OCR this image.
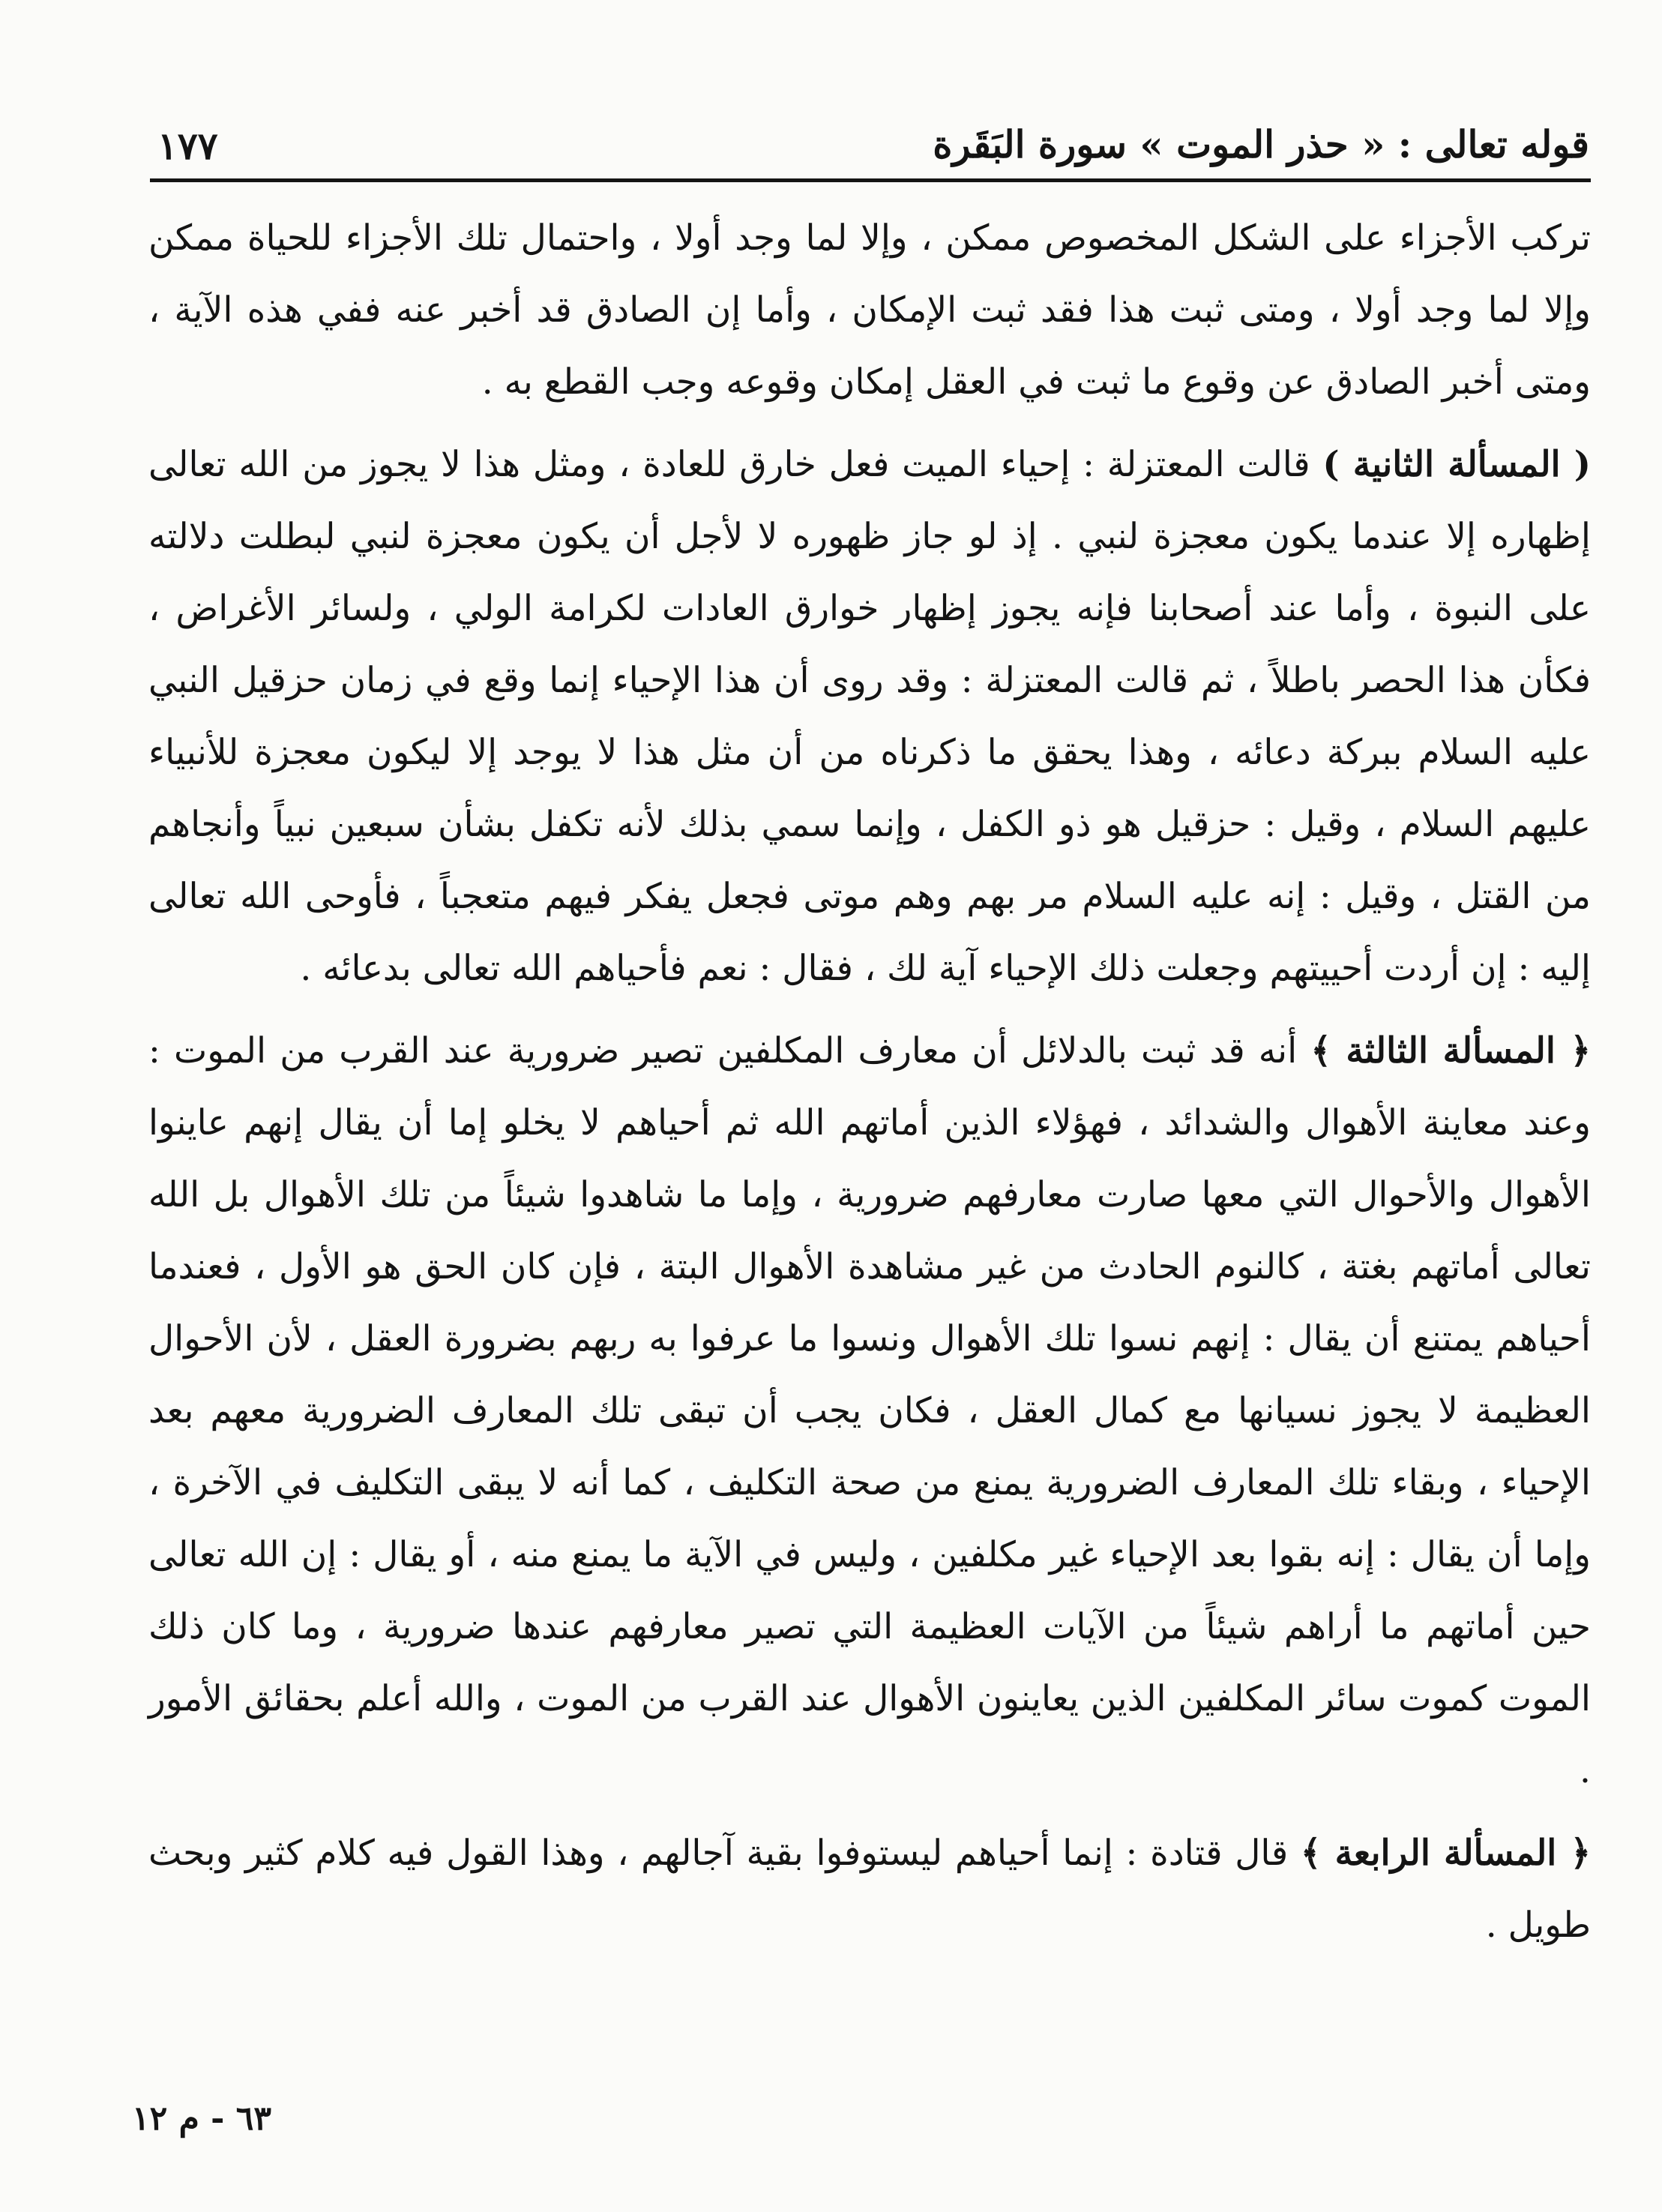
قوله تعالى : « حذر الموت » سورة البَقَرة
١٧٧

تركب الأجزاء على الشكل المخصوص ممكن ، وإلا لما وجد أولا ، واحتمال تلك الأجزاء للحياة ممكن وإلا لما وجد أولا ، ومتى ثبت هذا فقد ثبت الإمكان ، وأما إن الصادق قد أخبر عنه ففي هذه الآية ، ومتى أخبر الصادق عن وقوع ما ثبت في العقل إمكان وقوعه وجب القطع به .

( المسألة الثانية ) قالت المعتزلة : إحياء الميت فعل خارق للعادة ، ومثل هذا لا يجوز من الله تعالى إظهاره إلا عندما يكون معجزة لنبي . إذ لو جاز ظهوره لا لأجل أن يكون معجزة لنبي لبطلت دلالته على النبوة ، وأما عند أصحابنا فإنه يجوز إظهار خوارق العادات لكرامة الولي ، ولسائر الأغراض ، فكأن هذا الحصر باطلاً ، ثم قالت المعتزلة : وقد روى أن هذا الإحياء إنما وقع في زمان حزقيل النبي عليه السلام ببركة دعائه ، وهذا يحقق ما ذكرناه من أن مثل هذا لا يوجد إلا ليكون معجزة للأنبياء عليهم السلام ، وقيل : حزقيل هو ذو الكفل ، وإنما سمي بذلك لأنه تكفل بشأن سبعين نبياً وأنجاهم من القتل ، وقيل : إنه عليه السلام مر بهم وهم موتى فجعل يفكر فيهم متعجباً ، فأوحى الله تعالى إليه : إن أردت أحييتهم وجعلت ذلك الإحياء آية لك ، فقال : نعم فأحياهم الله تعالى بدعائه .

﴿ المسألة الثالثة ﴾ أنه قد ثبت بالدلائل أن معارف المكلفين تصير ضرورية عند القرب من الموت : وعند معاينة الأهوال والشدائد ، فهؤلاء الذين أماتهم الله ثم أحياهم لا يخلو إما أن يقال إنهم عاينوا الأهوال والأحوال التي معها صارت معارفهم ضرورية ، وإما ما شاهدوا شيئاً من تلك الأهوال بل الله تعالى أماتهم بغتة ، كالنوم الحادث من غير مشاهدة الأهوال البتة ، فإن كان الحق هو الأول ، فعندما أحياهم يمتنع أن يقال : إنهم نسوا تلك الأهوال ونسوا ما عرفوا به ربهم بضرورة العقل ، لأن الأحوال العظيمة لا يجوز نسيانها مع كمال العقل ، فكان يجب أن تبقى تلك المعارف الضرورية معهم بعد الإحياء ، وبقاء تلك المعارف الضرورية يمنع من صحة التكليف ، كما أنه لا يبقى التكليف في الآخرة ، وإما أن يقال : إنه بقوا بعد الإحياء غير مكلفين ، وليس في الآية ما يمنع منه ، أو يقال : إن الله تعالى حين أماتهم ما أراهم شيئاً من الآيات العظيمة التي تصير معارفهم عندها ضرورية ، وما كان ذلك الموت كموت سائر المكلفين الذين يعاينون الأهوال عند القرب من الموت ، والله أعلم بحقائق الأمور .

﴿ المسألة الرابعة ﴾ قال قتادة : إنما أحياهم ليستوفوا بقية آجالهم ، وهذا القول فيه كلام كثير وبحث طويل .

٦٣ - م ١٢
